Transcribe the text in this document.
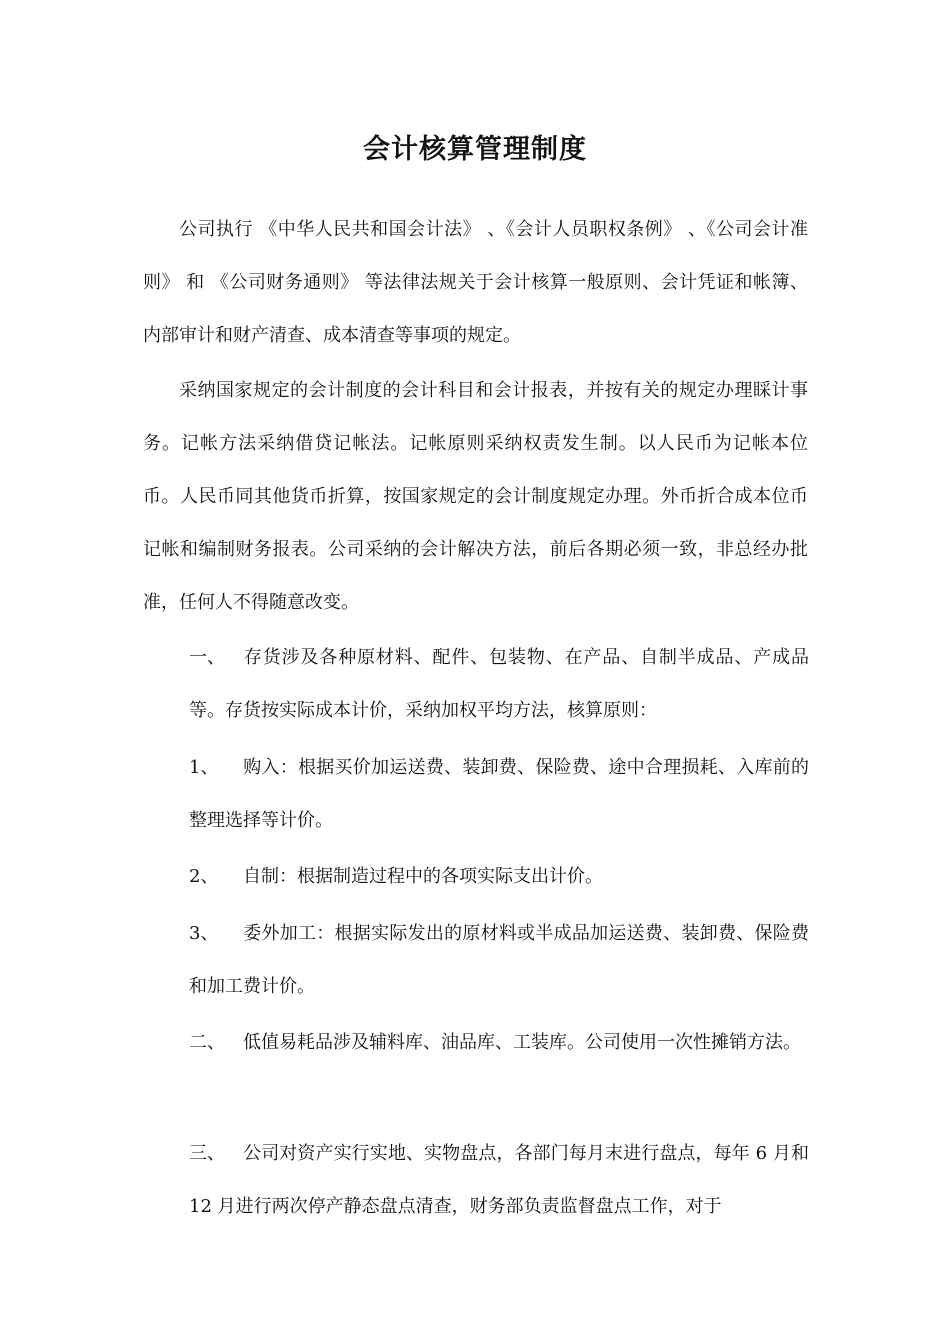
会计核算管理制度
公司执行 《中华人民共和国会计法》 、《会计人员职权条例》 、《公司会计准则》 和 《公司财务通则》 等法律法规关于会计核算一般原则、会计凭证和帐簿、内部审计和财产清查、成本清查等事项的规定。
采纳国家规定的会计制度的会计科目和会计报表，并按有关的规定办理睬计事务。记帐方法采纳借贷记帐法。记帐原则采纳权责发生制。以人民币为记帐本位币。人民币同其他货币折算，按国家规定的会计制度规定办理。外币折合成本位币记帐和编制财务报表。公司采纳的会计解决方法，前后各期必须一致，非总经办批准，任何人不得随意改变。
一、 存货涉及各种原材料、配件、包装物、在产品、自制半成品、产成品等。存货按实际成本计价，采纳加权平均方法，核算原则：
1、 购入：根据买价加运送费、装卸费、保险费、途中合理损耗、入库前的整理选择等计价。
2、 自制：根据制造过程中的各项实际支出计价。
3、 委外加工：根据实际发出的原材料或半成品加运送费、装卸费、保险费和加工费计价。
二、 低值易耗品涉及辅料库、油品库、工装库。公司使用一次性摊销方法。
三、 公司对资产实行实地、实物盘点，各部门每月末进行盘点，每年 6 月和 12 月进行两次停产静态盘点清查，财务部负责监督盘点工作，对于
